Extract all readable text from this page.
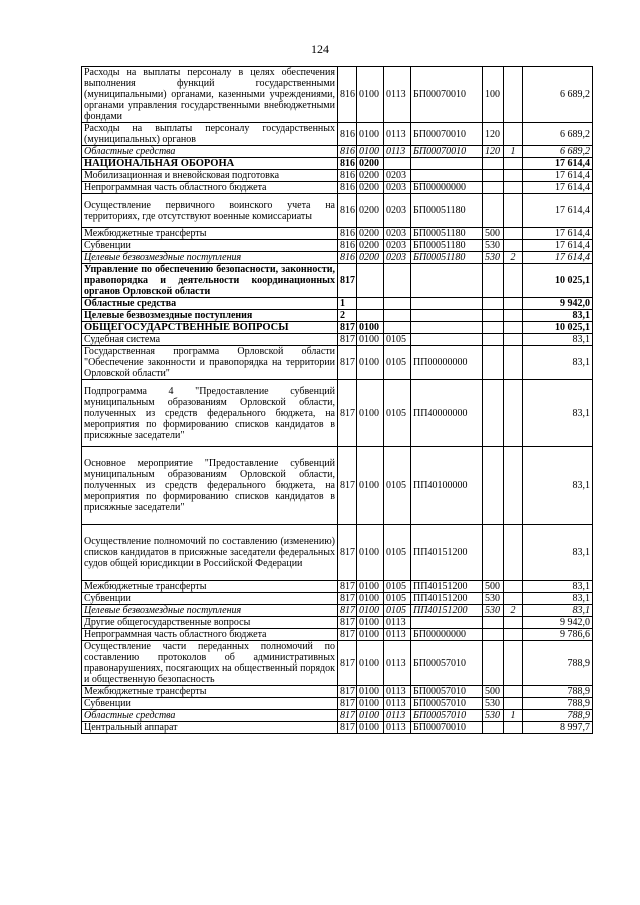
124
Расходы на выплаты персоналу в целях обеспечения выполнения функций государственными (муниципальными) органами, казенными учреждениями, органами управления государственными внебюджетными фондами	816	0100	0113	БП00070010	100		6 689,2
Расходы на выплаты персоналу государственных (муниципальных) органов	816	0100	0113	БП00070010	120		6 689,2
Областные средства	816	0100	0113	БП00070010	120	1	6 689,2
НАЦИОНАЛЬНАЯ ОБОРОНА	816	0200					17 614,4
Мобилизационная и вневойсковая подготовка	816	0200	0203				17 614,4
Непрограммная часть областного бюджета	816	0200	0203	БП00000000			17 614,4
Осуществление первичного воинского учета на территориях, где отсутствуют военные комиссариаты	816	0200	0203	БП00051180			17 614,4
Межбюджетные трансферты	816	0200	0203	БП00051180	500		17 614,4
Субвенции	816	0200	0203	БП00051180	530		17 614,4
Целевые безвозмездные поступления	816	0200	0203	БП00051180	530	2	17 614,4
Управление по обеспечению безопасности, законности, правопорядка и деятельности координационных органов Орловской области	817						10 025,1
Областные средства	1						9 942,0
Целевые безвозмездные поступления	2						83,1
ОБЩЕГОСУДАРСТВЕННЫЕ ВОПРОСЫ	817	0100					10 025,1
Судебная система	817	0100	0105				83,1
Государственная программа Орловской области "Обеспечение законности и правопорядка на территории Орловской области"	817	0100	0105	ПП00000000			83,1
Подпрограмма 4 "Предоставление субвенций муниципальным образованиям Орловской области, полученных из средств федерального бюджета, на мероприятия по формированию списков кандидатов в присяжные заседатели"	817	0100	0105	ПП40000000			83,1
Основное мероприятие "Предоставление субвенций муниципальным образованиям Орловской области, полученных из средств федерального бюджета, на мероприятия по формированию списков кандидатов в присяжные заседатели"	817	0100	0105	ПП40100000			83,1
Осуществление полномочий по составлению (изменению) списков кандидатов в присяжные заседатели федеральных судов общей юрисдикции в Российской Федерации	817	0100	0105	ПП40151200			83,1
Межбюджетные трансферты	817	0100	0105	ПП40151200	500		83,1
Субвенции	817	0100	0105	ПП40151200	530		83,1
Целевые безвозмездные поступления	817	0100	0105	ПП40151200	530	2	83,1
Другие общегосударственные вопросы	817	0100	0113				9 942,0
Непрограммная часть областного бюджета	817	0100	0113	БП00000000			9 786,6
Осуществление части переданных полномочий по составлению протоколов об административных правонарушениях, посягающих на общественный порядок и общественную безопасность	817	0100	0113	БП00057010			788,9
Межбюджетные трансферты	817	0100	0113	БП00057010	500		788,9
Субвенции	817	0100	0113	БП00057010	530		788,9
Областные средства	817	0100	0113	БП00057010	530	1	788,9
Центральный аппарат	817	0100	0113	БП00070010			8 997,7
